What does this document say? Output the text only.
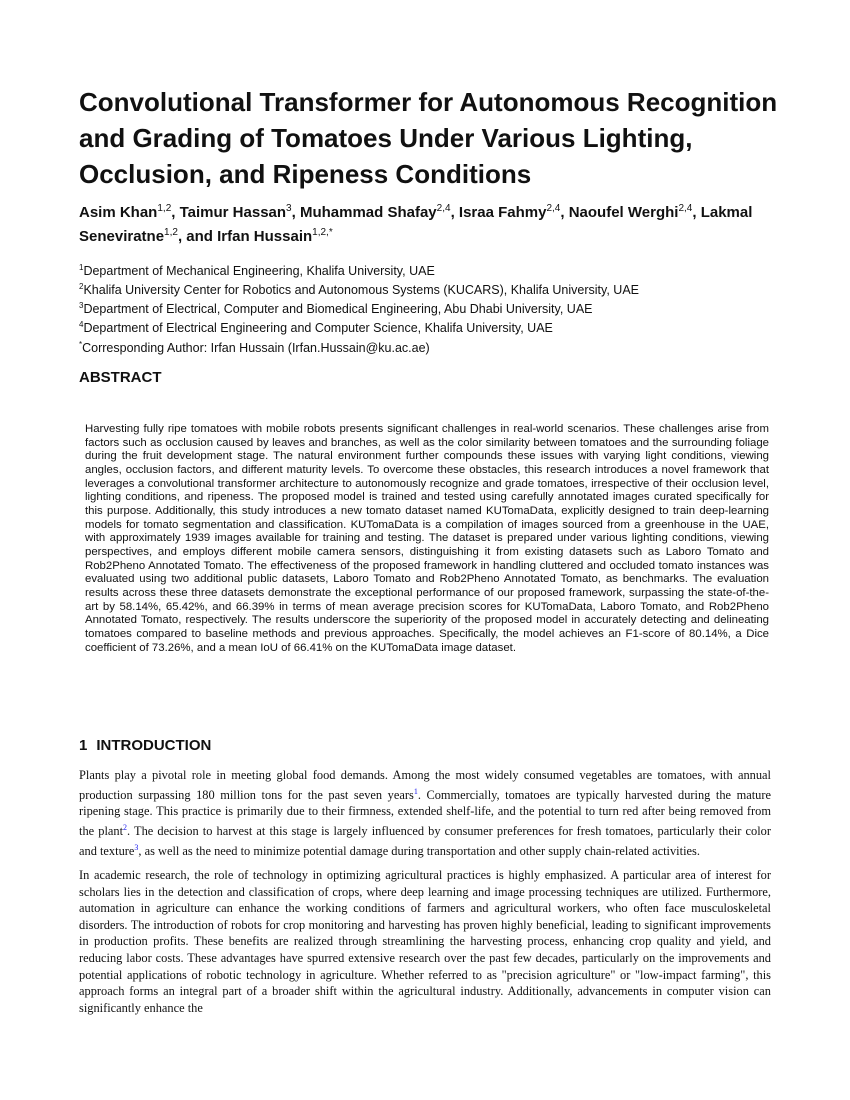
Convolutional Transformer for Autonomous Recognition and Grading of Tomatoes Under Various Lighting, Occlusion, and Ripeness Conditions

Asim Khan$^{1,2}$, Taimur Hassan$^3$, Muhammad Shafay$^{2,4}$, Israa Fahmy$^{2,4}$, Naoufel Werghi$^{2,4}$, Lakmal Seneviratne$^{1,2}$, and Irfan Hussain$^{1,2,*}$

$^1$Department of Mechanical Engineering, Khalifa University, UAE
$^2$Khalifa University Center for Robotics and Autonomous Systems (KUCARS), Khalifa University, UAE
$^3$Department of Electrical, Computer and Biomedical Engineering, Abu Dhabi University, UAE
$^4$Department of Electrical Engineering and Computer Science, Khalifa University, UAE
*Corresponding Author: Irfan Hussain (Irfan.Hussain@ku.ac.ae)
ABSTRACT

Harvesting fully ripe tomatoes with mobile robots presents significant challenges in real-world scenarios. These challenges arise from factors such as occlusion caused by leaves and branches, as well as the color similarity between tomatoes and the surrounding foliage during the fruit development stage. The natural environment further compounds these issues with varying light conditions, viewing angles, occlusion factors, and different maturity levels. To overcome these obstacles, this research introduces a novel framework that leverages a convolutional transformer architecture to autonomously recognize and grade tomatoes, irrespective of their occlusion level, lighting conditions, and ripeness. The proposed model is trained and tested using carefully annotated images curated specifically for this purpose. Additionally, this study introduces a new tomato dataset named KUTomaData, explicitly designed to train deep-learning models for tomato segmentation and classification. KUTomaData is a compilation of images sourced from a greenhouse in the UAE, with approximately 1939 images available for training and testing. The dataset is prepared under various lighting conditions, viewing perspectives, and employs different mobile camera sensors, distinguishing it from existing datasets such as Laboro Tomato and Rob2Pheno Annotated Tomato. The effectiveness of the proposed framework in handling cluttered and occluded tomato instances was evaluated using two additional public datasets, Laboro Tomato and Rob2Pheno Annotated Tomato, as benchmarks. The evaluation results across these three datasets demonstrate the exceptional performance of our proposed framework, surpassing the state-of-the-art by 58.14%, 65.42%, and 66.39% in terms of mean average precision scores for KUTomaData, Laboro Tomato, and Rob2Pheno Annotated Tomato, respectively. The results underscore the superiority of the proposed model in accurately detecting and delineating tomatoes compared to baseline methods and previous approaches. Specifically, the model achieves an F1-score of 80.14%, a Dice coefficient of 73.26%, and a mean IoU of 66.41% on the KUTomaData image dataset.

1 INTRODUCTION

Plants play a pivotal role in meeting global food demands. Among the most widely consumed vegetables are tomatoes, with annual production surpassing 180 million tons for the past seven years$^1$. Commercially, tomatoes are typically harvested during the mature ripening stage. This practice is primarily due to their firmness, extended shelf-life, and the potential to turn red after being removed from the plant$^2$. The decision to harvest at this stage is largely influenced by consumer preferences for fresh tomatoes, particularly their color and texture$^3$, as well as the need to minimize potential damage during transportation and other supply chain-related activities.

In academic research, the role of technology in optimizing agricultural practices is highly emphasized. A particular area of interest for scholars lies in the detection and classification of crops, where deep learning and image processing techniques are utilized. Furthermore, automation in agriculture can enhance the working conditions of farmers and agricultural workers, who often face musculoskeletal disorders. The introduction of robots for crop monitoring and harvesting has proven highly beneficial, leading to significant improvements in production profits. These benefits are realized through streamlining the harvesting process, enhancing crop quality and yield, and reducing labor costs. These advantages have spurred extensive research over the past few decades, particularly on the improvements and potential applications of robotic technology in agriculture. Whether referred to as "precision agriculture" or "low-impact farming", this approach forms an integral part of a broader shift within the agricultural industry. Additionally, advancements in computer vision can significantly enhance the
